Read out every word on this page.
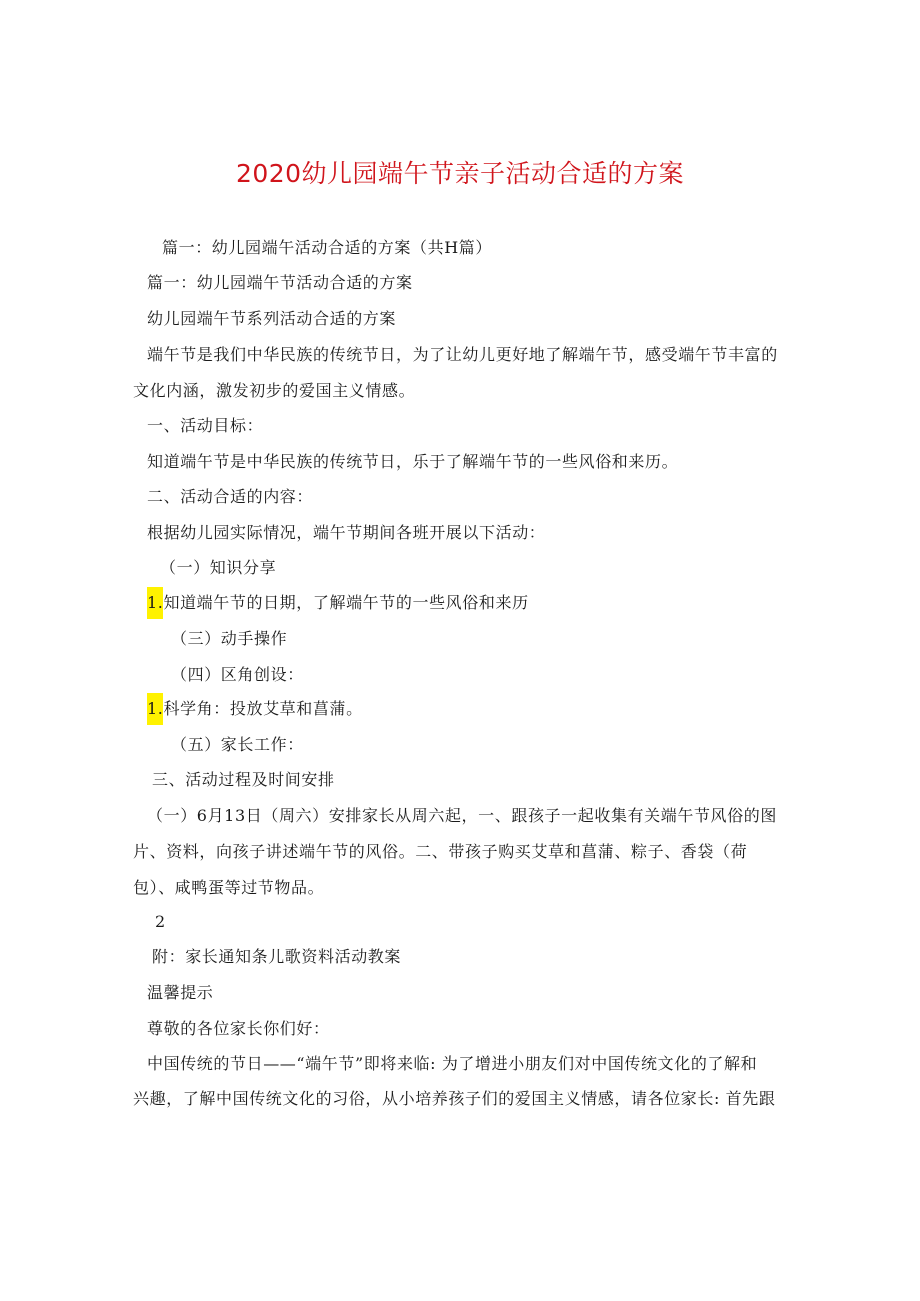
2020幼儿园端午节亲子活动合适的方案
篇一：幼儿园端午活动合适的方案（共H篇）
篇一：幼儿园端午节活动合适的方案
幼儿园端午节系列活动合适的方案
端午节是我们中华民族的传统节日，为了让幼儿更好地了解端午节，感受端午节丰富的
文化内涵，激发初步的爱国主义情感。
一、活动目标：
知道端午节是中华民族的传统节日，乐于了解端午节的一些风俗和来历。
二、活动合适的内容：
根据幼儿园实际情况，端午节期间各班开展以下活动：
（一）知识分享
1.知道端午节的日期，了解端午节的一些风俗和来历
（三）动手操作
（四）区角创设：
1.科学角：投放艾草和菖蒲。
（五）家长工作：
三、活动过程及时间安排
（一）6月13日（周六）安排家长从周六起，一、跟孩子一起收集有关端午节风俗的图
片、资料，向孩子讲述端午节的风俗。二、带孩子购买艾草和菖蒲、粽子、香袋（荷
包）、咸鸭蛋等过节物品。
2
附：家长通知条儿歌资料活动教案
温馨提示
尊敬的各位家长你们好：
中国传统的节日——“端午节”即将来临: 为了增进小朋友们对中国传统文化的了解和
兴趣，了解中国传统文化的习俗，从小培养孩子们的爱国主义情感，请各位家长: 首先跟
